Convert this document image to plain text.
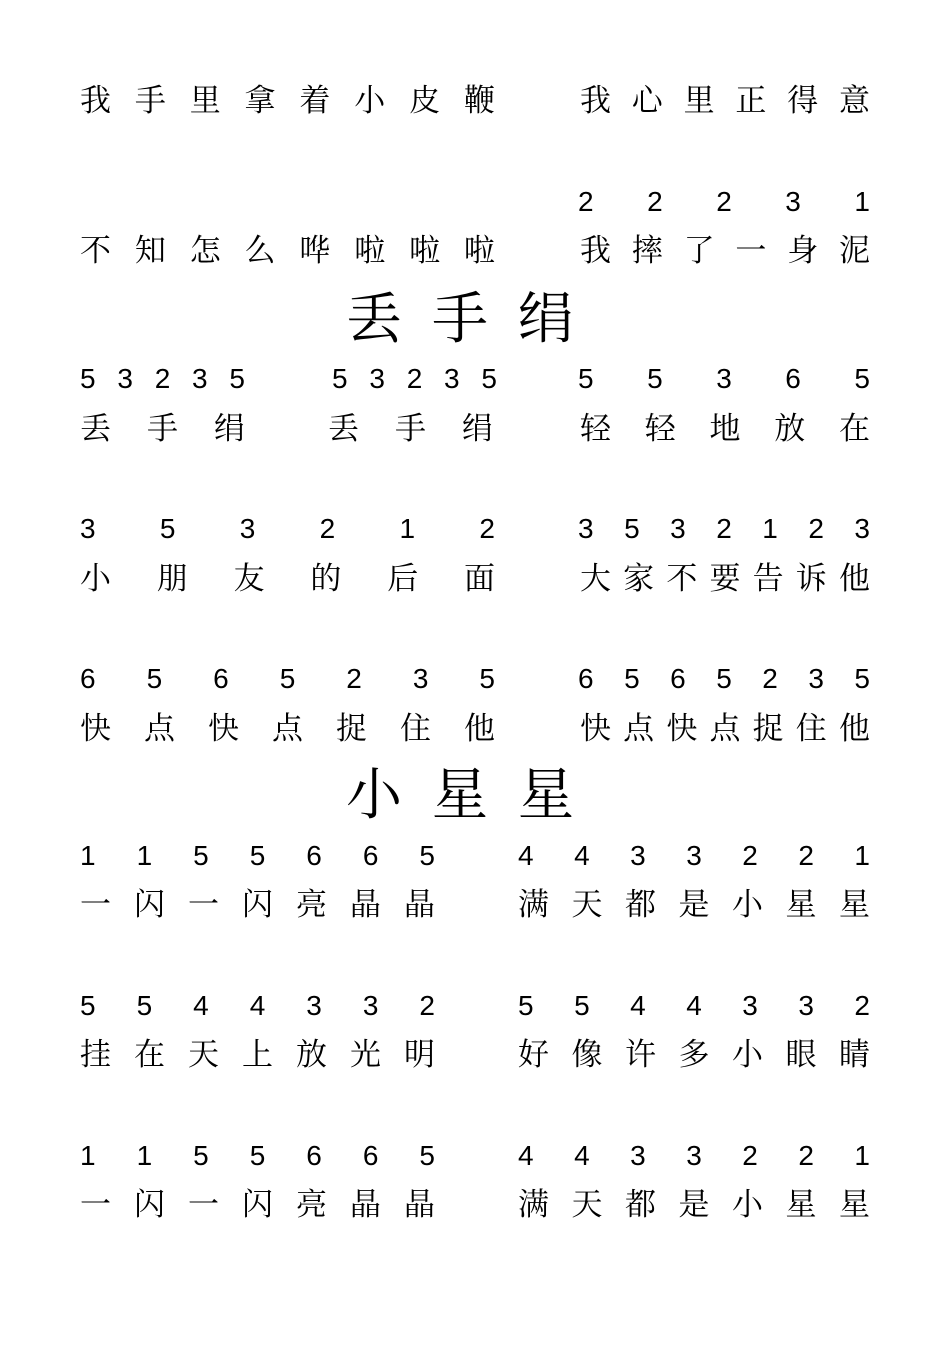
丢手绢
小星星
我 手 里 拿 着 小 皮 鞭	我 心 里 正 得 意
2 2 2 3 1
不 知 怎 么 哗 啦 啦 啦	我 摔 了 一 身 泥
5 3 2 3 5	5 3 2 3 5	5 5 3 6 5
丢 手 绢	丢 手 绢	轻 轻 地 放 在
3 5 3 2 1 2	3 5 3 2 1 2 3
小 朋 友 的 后 面	大 家 不 要 告 诉 他
6 5 6 5 2 3 5	6 5 6 5 2 3 5
快 点 快 点 捉 住 他	快 点 快 点 捉 住 他
1 1 5 5 6 6 5	4 4 3 3 2 2 1
一 闪 一 闪 亮 晶 晶	满 天 都 是 小 星 星
5 5 4 4 3 3 2	5 5 4 4 3 3 2
挂 在 天 上 放 光 明	好 像 许 多 小 眼 睛
1 1 5 5 6 6 5	4 4 3 3 2 2 1
一 闪 一 闪 亮 晶 晶	满 天 都 是 小 星 星
